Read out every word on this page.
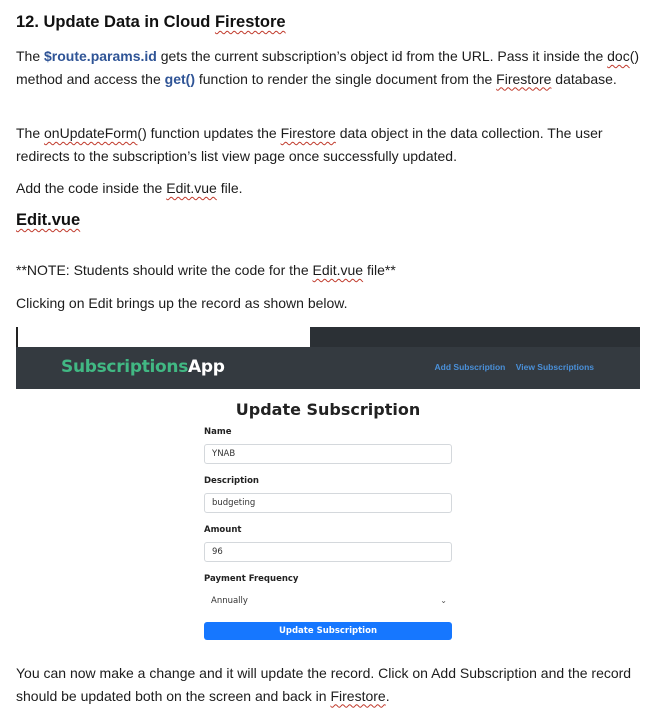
12. Update Data in Cloud Firestore
The $route.params.id gets the current subscription’s object id from the URL. Pass it inside the doc() method and access the get() function to render the single document from the Firestore database.
The onUpdateForm() function updates the Firestore data object in the data collection. The user redirects to the subscription’s list view page once successfully updated.
Add the code inside the Edit.vue file.
Edit.vue
**NOTE: Students should write the code for the Edit.vue file**
Clicking on Edit brings up the record as shown below.
SubscriptionsApp	Add Subscription View Subscriptions
Update Subscription
Name
YNAB
Description
budgeting
Amount
96
Payment Frequency
Annually	⌄
Update Subscription
You can now make a change and it will update the record. Click on Add Subscription and the record should be updated both on the screen and back in Firestore.
